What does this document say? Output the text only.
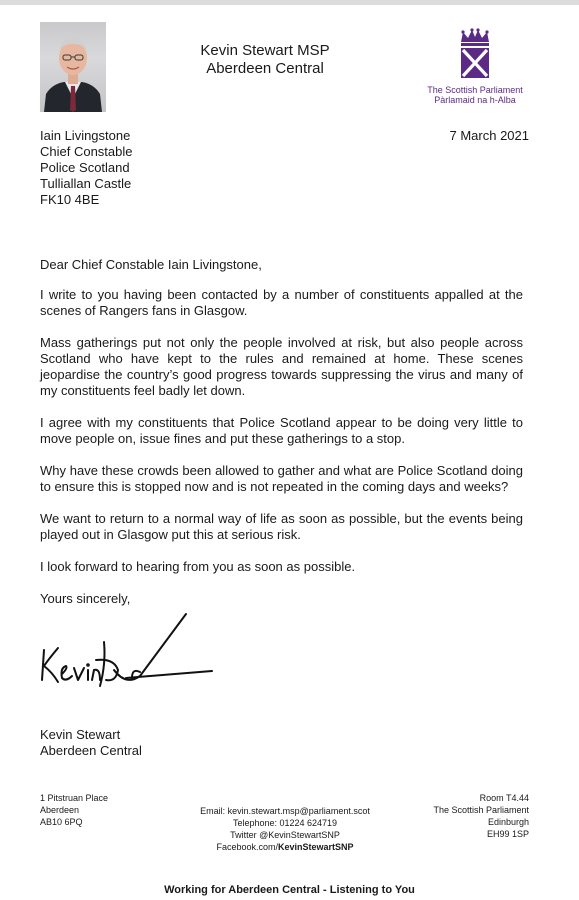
Kevin Stewart MSP
Aberdeen Central
The Scottish Parliament
Pàrlamaid na h-Alba
Iain Livingstone
Chief Constable
Police Scotland
Tulliallan Castle
FK10 4BE
7 March 2021

Dear Chief Constable Iain Livingstone,

I write to you having been contacted by a number of constituents appalled at the scenes of Rangers fans in Glasgow.

Mass gatherings put not only the people involved at risk, but also people across Scotland who have kept to the rules and remained at home. These scenes jeopardise the country’s good progress towards suppressing the virus and many of my constituents feel badly let down.

I agree with my constituents that Police Scotland appear to be doing very little to move people on, issue fines and put these gatherings to a stop.

Why have these crowds been allowed to gather and what are Police Scotland doing to ensure this is stopped now and is not repeated in the coming days and weeks?

We want to return to a normal way of life as soon as possible, but the events being played out in Glasgow put this at serious risk.

I look forward to hearing from you as soon as possible.

Yours sincerely,

Kevin Stewart
Aberdeen Central
1 Pitstruan Place
Aberdeen
AB10 6PQ
Email: kevin.stewart.msp@parliament.scot
Telephone: 01224 624719
Twitter @KevinStewartSNP
Facebook.com/KevinStewartSNP
Room T4.44
The Scottish Parliament
Edinburgh
EH99 1SP
Working for Aberdeen Central - Listening to You
